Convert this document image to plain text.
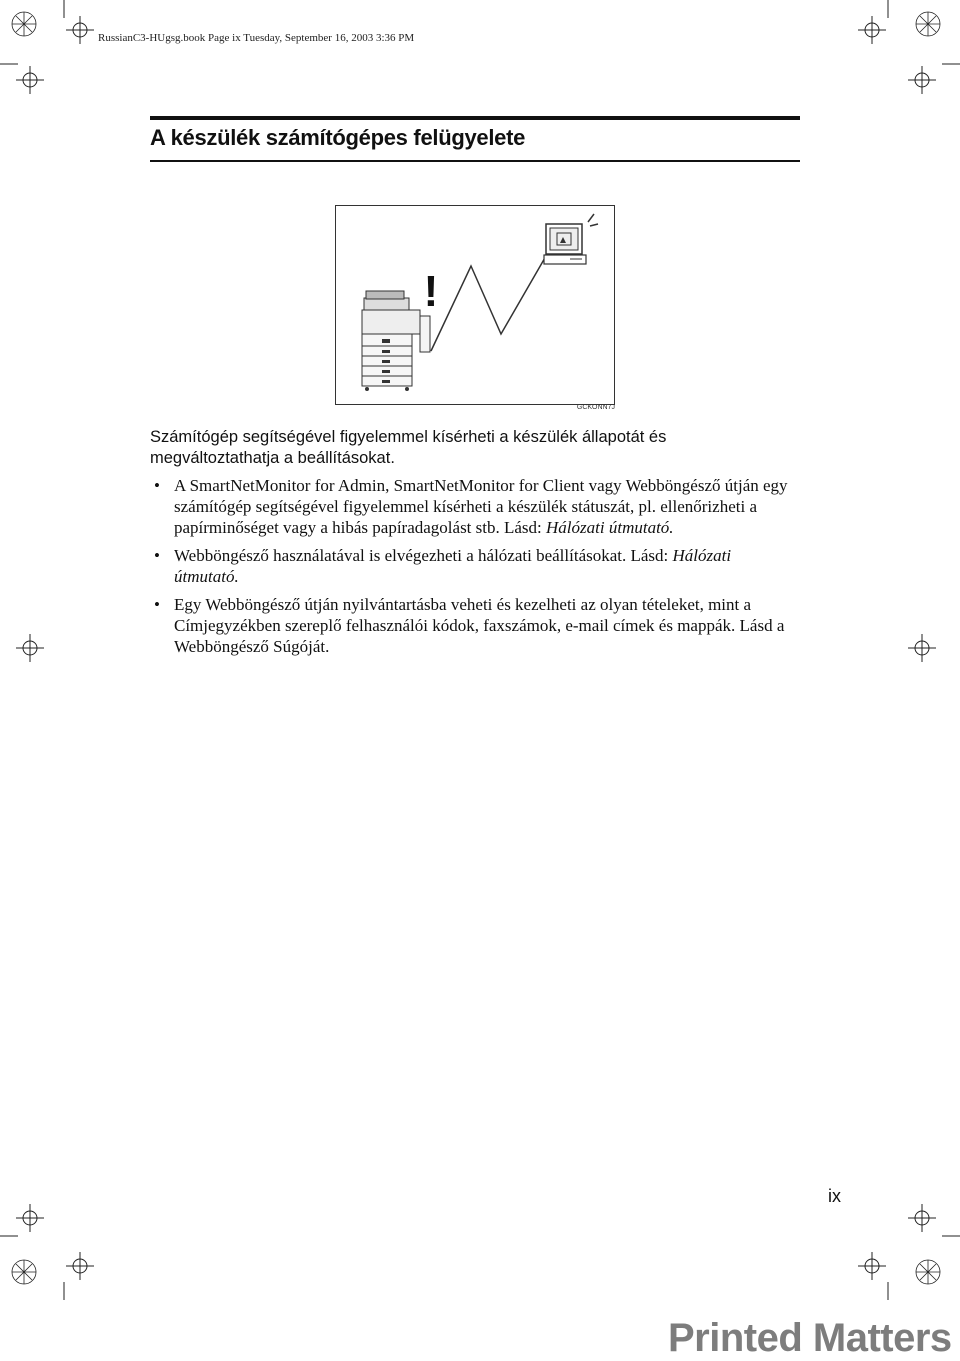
RussianC3-HUgsg.book Page ix Tuesday, September 16, 2003 3:36 PM
A készülék számítógépes felügyelete
!
GCKONN7J
Számítógép segítségével figyelemmel kísérheti a készülék állapotát és megváltoztathatja a beállításokat.
• A SmartNetMonitor for Admin, SmartNetMonitor for Client vagy Webböngésző útján egy számítógép segítségével figyelemmel kísérheti a készülék státuszát, pl. ellenőrizheti a papírminőséget vagy a hibás papíradagolást stb. Lásd: Hálózati útmutató.
• Webböngésző használatával is elvégezheti a hálózati beállításokat. Lásd: Hálózati útmutató.
• Egy Webböngésző útján nyilvántartásba veheti és kezelheti az olyan tételeket, mint a Címjegyzékben szereplő felhasználói kódok, faxszámok, e-mail címek és mappák. Lásd a Webböngésző Súgóját.
ix
Printed Matters
